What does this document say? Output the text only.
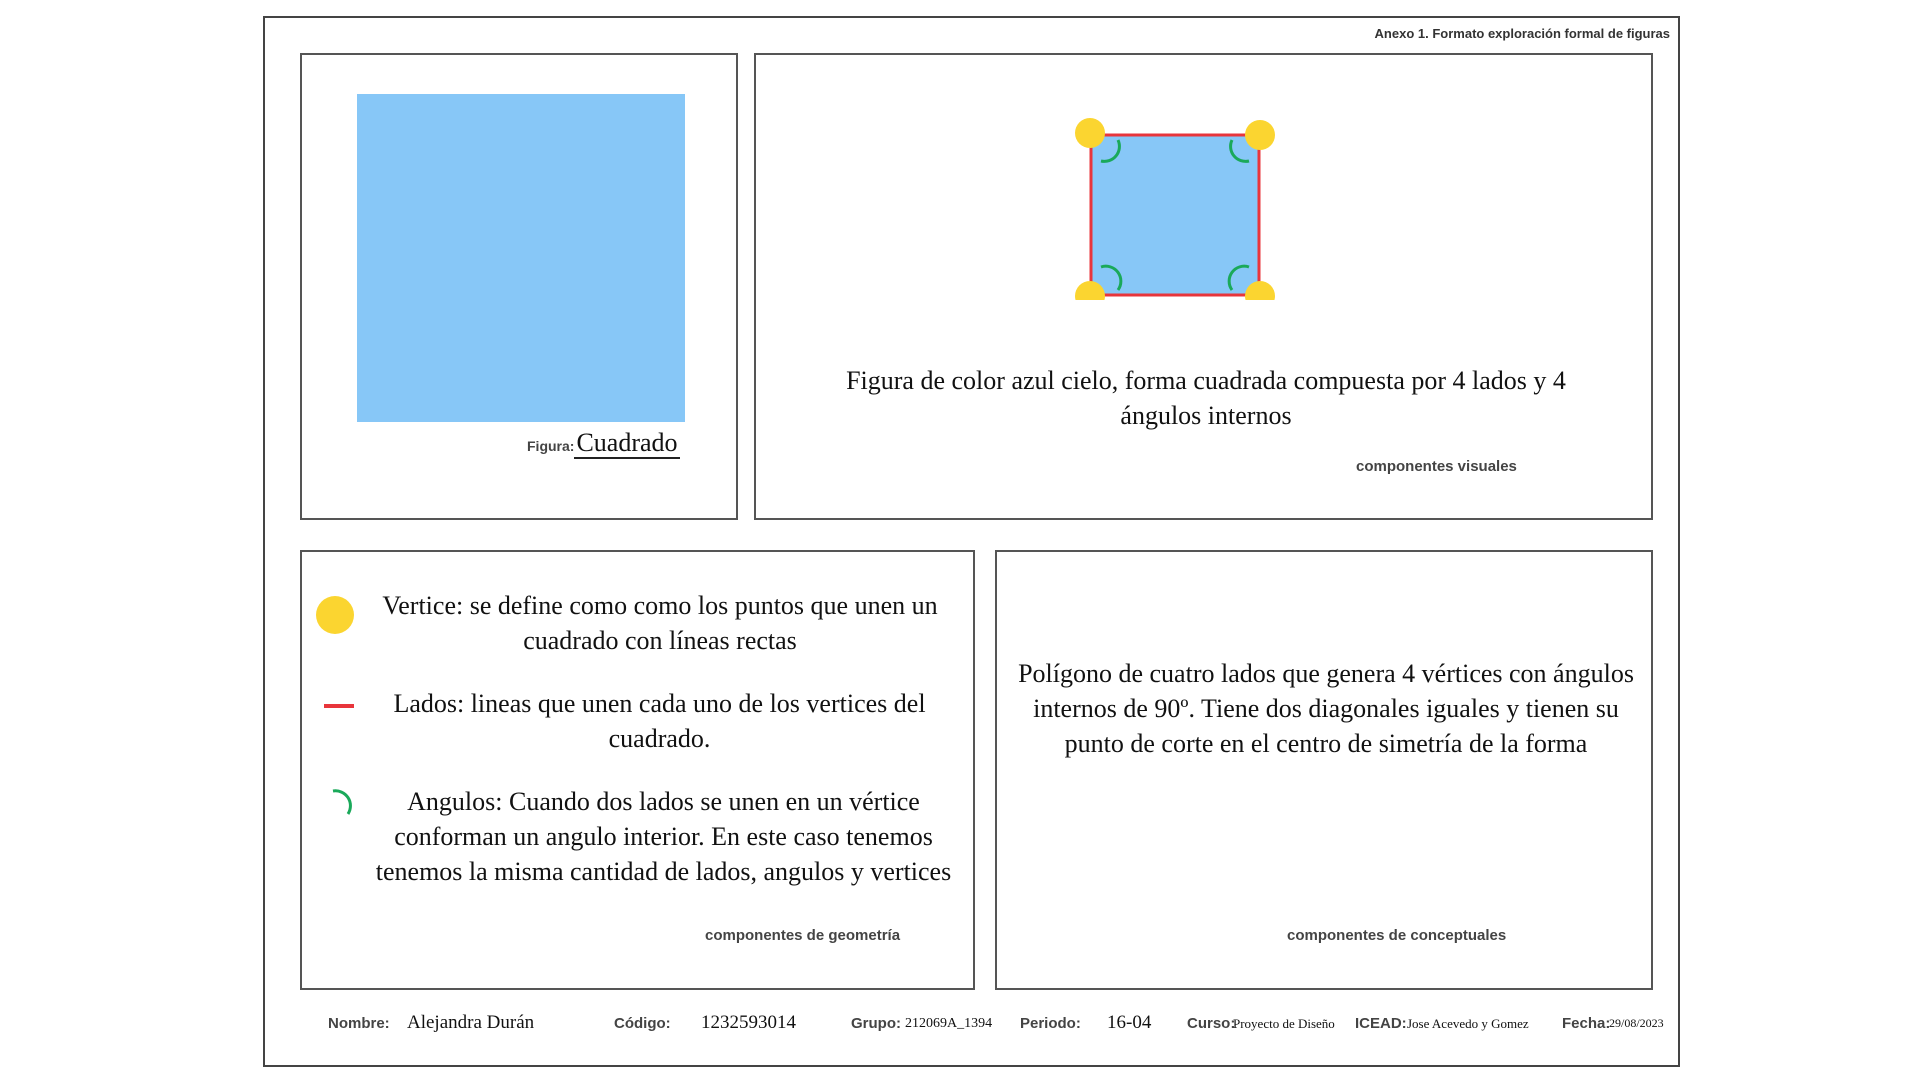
Anexo 1. Formato exploración formal de figuras
Figura:Cuadrado
Figura de color azul cielo, forma cuadrada compuesta por 4 lados y 4 ángulos internos
componentes visuales
Vertice: se define como como los puntos que unen un cuadrado con líneas rectas
Lados: lineas que unen cada uno de los vertices del cuadrado.
Angulos: Cuando dos lados se unen en un vértice conforman un angulo interior. En este caso tenemos tenemos la misma cantidad de lados, angulos y vertices
componentes de geometría
Polígono de cuatro lados que genera 4 vértices con ángulos internos de 90º. Tiene dos diagonales iguales y tienen su punto de corte en el centro de simetría de la forma
componentes de conceptuales
Nombre: Alejandra Durán	Código: 1232593014	Grupo: 212069A_1394 Periodo: 16-04 Curso:
Proyecto de Diseño ICEAD: Jose Acevedo y Gomez Fecha:
29/08/2023
